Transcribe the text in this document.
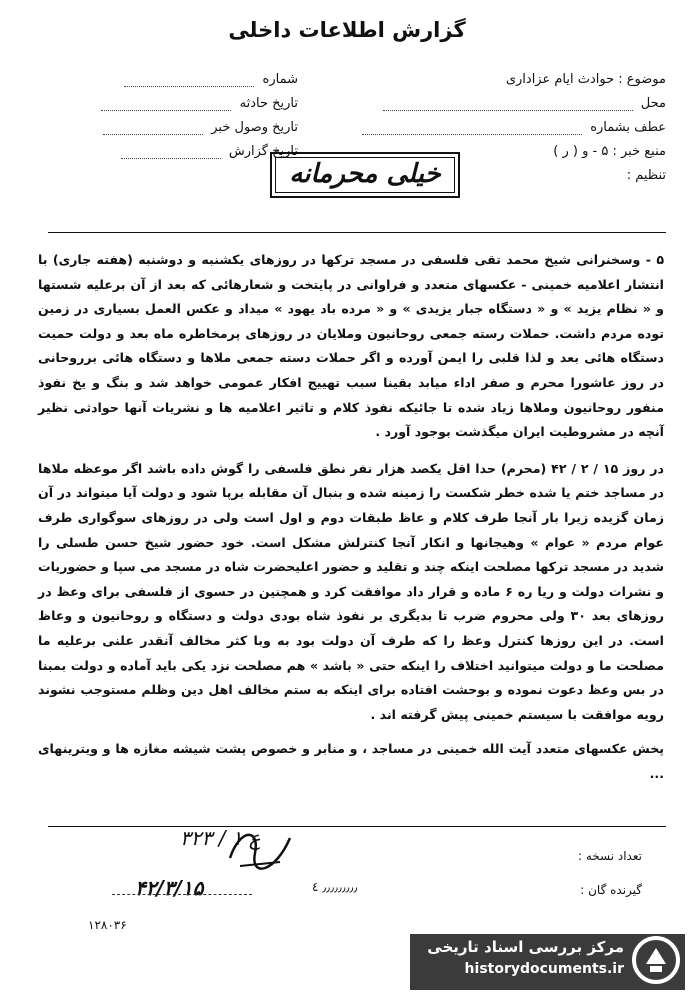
گزارش اطلاعات داخلی
موضوع : حوادث ایام عزاداری
محل
عطف بشماره
منبع خبر : ۵ - و ( ر )
تنظیم :
شماره
تاریخ حادثه
تاریخ وصول خبر
تاریخ گزارش
خیلی محرمانه

۵ - وسخنرانی شیخ محمد تقی فلسفی در مسجد ترکها در روزهای یکشنبه و دوشنبه (هفته جاری) با انتشار اعلامیه خمینی - عکسهای متعدد و فراوانی در پایتخت و شعارهائی که بعد از آن برعلیه شستها و « نظام یزید » و « دستگاه جبار یزیدی » و « مرده باد یهود » میداد و عکس العمل بسیاری در زمین توده مردم داشت. حملات رسته جمعی روحانیون وملایان در روزهای پرمخاطره ماه بعد و دولت حمیت دستگاه هائی بعد و لذا قلبی را ایمن آورده و اگر حملات دسته جمعی ملاها و دستگاه هائی برروحانی در روز عاشورا محرم و صفر اداء میابد بقینا سبب تهییج افکار عمومی خواهد شد و بنگ و یخ نفوذ منفور روحانیون وملاها زیاد شده تا جائیکه نفوذ کلام و تاثیر اعلامیه ها و نشریات آنها حوادثی نظیر آنچه در مشروطیت ایران میگذشت بوجود آورد .

در روز ۱۵ / ۲ / ۴۲ (محرم) حدا اقل یکصد هزار نفر نطق فلسفی را گوش داده باشد اگر موعظه ملاها در مساجد ختم یا شده خطر شکست را زمینه شده و بنبال آن مقابله برپا شود و دولت آیا میتواند در آن زمان گزیده زیرا بار آنجا طرف کلام و عاظ طبقات دوم و اول است ولی در روزهای سوگواری طرف عوام مردم « عوام » وهیجانها و انکار آنجا کنترلش مشکل است. خود حضور شیخ حسن طسلی را شدید در مسجد ترکها مصلحت اینکه چند و تقلید و حضور اعلیحضرت شاه در مسجد می سپا و حضوریات و نشرات دولت و ریا ره ۶ ماده و قرار داد موافقت کرد و همچنین در حسوی از فلسفی برای وعظ در روزهای بعد ۳۰ ولی محروم ضرب تا بدیگری بر نفوذ شاه بودی دولت و دستگاه و روحانیون و وعاظ است. در این روزها کنترل وعظ را که طرف آن دولت بود به وبا کثر مخالف آنقدر علنی برعلیه ما مصلحت ما و دولت میتوانید اختلاف را اینکه حتی « باشد » هم مصلحت نزد یکی باید آماده و دولت بمبنا در بس وعظ دعوت نموده و بوحشت افتاده برای اینکه به ستم مخالف اهل دین وظلم مستوجب نشوند رویه موافقت با سیستم خمینی پیش گرفته اند .

پخش عکسهای متعدد آیت الله خمینی در مساجد ، و منابر و خصوص پشت شیشه مغازه ها و ویترینهای ...

تعداد نسخه :
گیرنده گان :
۳۲۳ / ۱ ع
۴۲/۳/۱۵	٫٫٫٫٫٫٫٫٫ ٤
۱۲۸۰۳۶
مرکز بررسی اسناد تاریخی
historydocuments.ir
